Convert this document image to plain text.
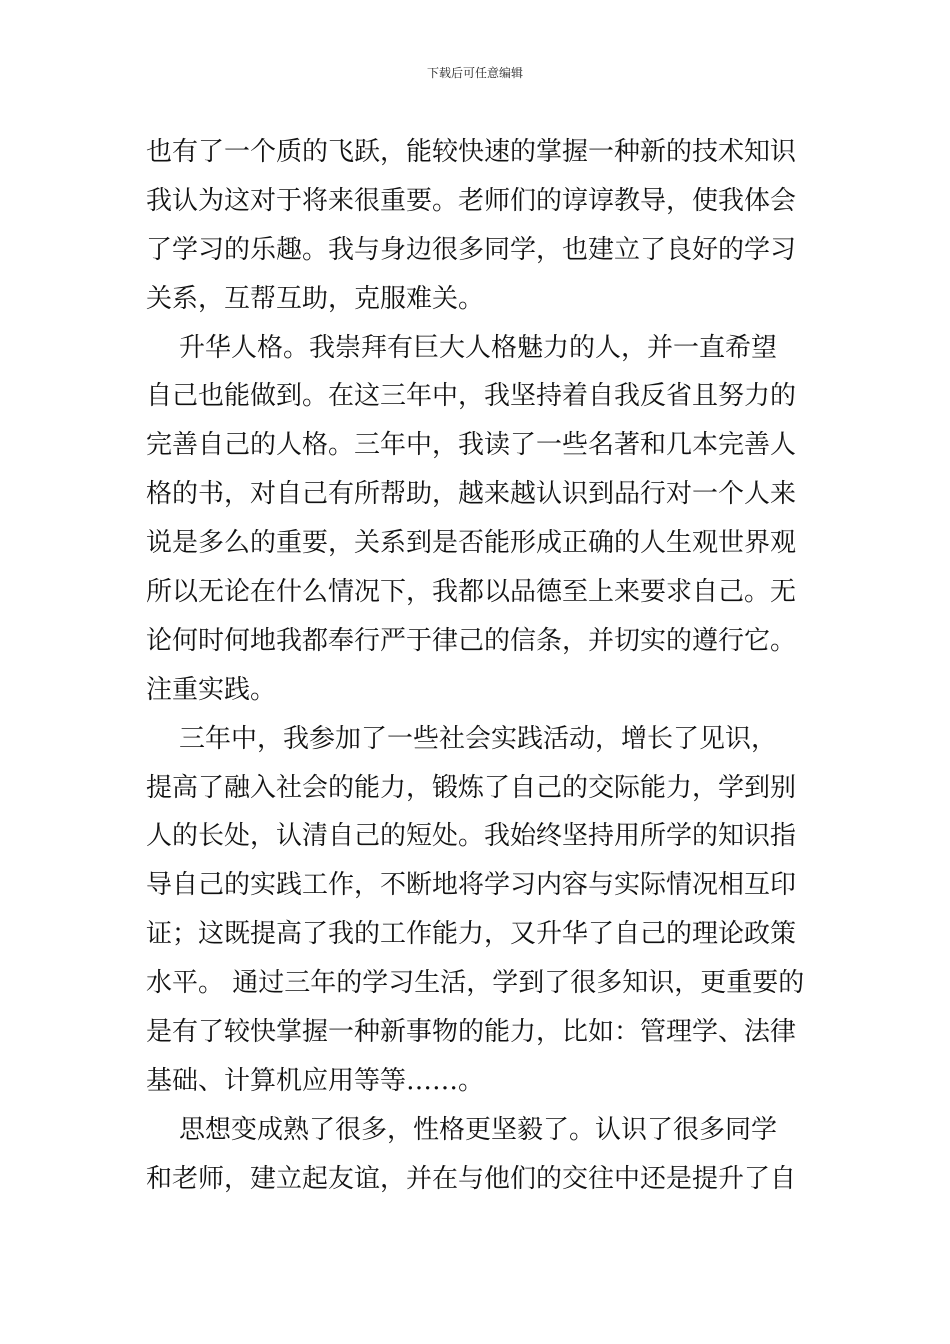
下载后可任意编辑
也有了一个质的飞跃，能较快速的掌握一种新的技术知识
我认为这对于将来很重要。老师们的谆谆教导，使我体会
了学习的乐趣。我与身边很多同学，也建立了良好的学习
关系，互帮互助，克服难关。
升华人格。我崇拜有巨大人格魅力的人，并一直希望
自己也能做到。在这三年中，我坚持着自我反省且努力的
完善自己的人格。三年中，我读了一些名著和几本完善人
格的书，对自己有所帮助，越来越认识到品行对一个人来
说是多么的重要，关系到是否能形成正确的人生观世界观
所以无论在什么情况下，我都以品德至上来要求自己。无
论何时何地我都奉行严于律己的信条，并切实的遵行它。
注重实践。
三年中，我参加了一些社会实践活动，增长了见识，
提高了融入社会的能力，锻炼了自己的交际能力，学到别
人的长处，认清自己的短处。我始终坚持用所学的知识指
导自己的实践工作，不断地将学习内容与实际情况相互印
证；这既提高了我的工作能力，又升华了自己的理论政策
水平。 通过三年的学习生活，学到了很多知识，更重要的
是有了较快掌握一种新事物的能力，比如：管理学、法律
基础、计算机应用等等……。
思想变成熟了很多，性格更坚毅了。认识了很多同学
和老师，建立起友谊，并在与他们的交往中还是提升了自
